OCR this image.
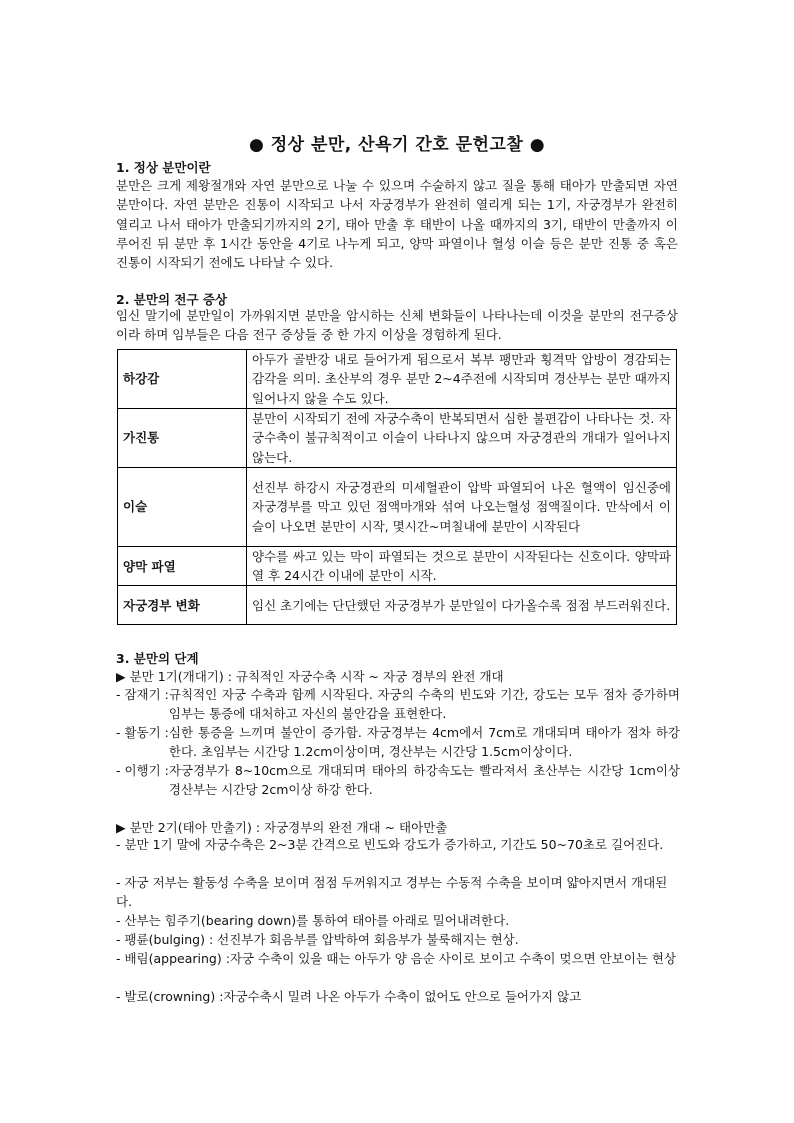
● 정상 분만, 산욕기 간호 문헌고찰 ●
1. 정상 분만이란
분만은 크게 제왕절개와 자연 분만으로 나눌 수 있으며 수술하지 않고 질을 통해 태아가 만출되면 자연 분만이다. 자연 분만은 진통이 시작되고 나서 자궁경부가 완전히 열리게 되는 1기, 자궁경부가 완전히 열리고 나서 태아가 만출되기까지의 2기, 태아 만출 후 태반이 나올 때까지의 3기, 태반이 만출까지 이루어진 뒤 분만 후 1시간 동안을 4기로 나누게 되고, 양막 파열이나 혈성 이슬 등은 분만 진통 중 혹은 진통이 시작되기 전에도 나타날 수 있다.
2. 분만의 전구 증상
임신 말기에 분만일이 가까워지면 분만을 암시하는 신체 변화들이 나타나는데 이것을 분만의 전구증상이라 하며 임부들은 다음 전구 증상들 중 한 가지 이상을 경험하게 된다.
하강감	아두가 골반강 내로 들어가게 됨으로서 복부 팽만과 횡격막 압방이 경감되는 감각을 의미. 초산부의 경우 분만 2~4주전에 시작되며 경산부는 분만 때까지 일어나지 않을 수도 있다.
가진통	분만이 시작되기 전에 자궁수축이 반복되면서 심한 불편감이 나타나는 것. 자궁수축이 불규칙적이고 이슬이 나타나지 않으며 자궁경관의 개대가 일어나지 않는다.
이슬	선진부 하강시 자궁경관의 미세혈관이 압박 파열되어 나온 혈액이 임신중에 자궁경부를 막고 있던 점액마개와 섞여 나오는혈성 점액질이다. 만삭에서 이슬이 나오면 분만이 시작, 몇시간~며칠내에 분만이 시작된다
양막 파열	양수를 싸고 있는 막이 파열되는 것으로 분만이 시작된다는 신호이다. 양막파열 후 24시간 이내에 분만이 시작.
자궁경부 변화	임신 초기에는 단단했던 자궁경부가 분만일이 다가올수록 점점 부드러워진다.
3. 분만의 단계
▶ 분만 1기(개대기) : 규칙적인 자궁수축 시작 ~ 자궁 경부의 완전 개대
- 잠재기 : 규칙적인 자궁 수축과 함께 시작된다. 자궁의 수축의 빈도와 기간, 강도는 모두 점차 증가하며 임부는 통증에 대처하고 자신의 불안감을 표현한다.
- 활동기 : 심한 통증을 느끼며 불안이 증가함. 자궁경부는 4cm에서 7cm로 개대되며 태아가 점차 하강한다. 초임부는 시간당 1.2cm이상이며, 경산부는 시간당 1.5cm이상이다.
- 이행기 : 자궁경부가 8~10cm으로 개대되며 태아의 하강속도는 빨라져서 초산부는 시간당 1cm이상 경산부는 시간당 2cm이상 하강 한다.
▶ 분만 2기(태아 만출기) : 자궁경부의 완전 개대 ~ 태아만출
- 분만 1기 말에 자궁수축은 2~3분 간격으로 빈도와 강도가 증가하고, 기간도 50~70초로 길어진다.
- 자궁 저부는 활동성 수축을 보이며 점점 두꺼워지고 경부는 수동적 수축을 보이며 얇아지면서 개대된다.
- 산부는 힘주기(bearing down)를 통하여 태아를 아래로 밀어내려한다.
- 팽륜(bulging) : 선진부가 회음부를 압박하여 회음부가 불룩해지는 현상.
- 배림(appearing) : 자궁 수축이 있을 때는 아두가 양 음순 사이로 보이고 수축이 멎으면 안보이는 현상
- 발로(crowning) : 자궁수축시 밀려 나온 아두가 수축이 없어도 안으로 들어가지 않고
